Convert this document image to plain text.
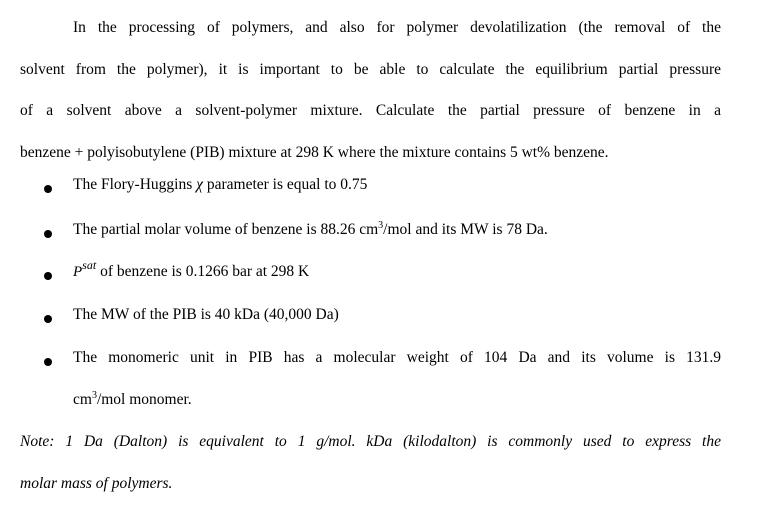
In the processing of polymers, and also for polymer devolatilization (the removal of the
solvent from the polymer), it is important to be able to calculate the equilibrium partial pressure
of a solvent above a solvent-polymer mixture. Calculate the partial pressure of benzene in a
benzene + polyisobutylene (PIB) mixture at 298 K where the mixture contains 5 wt% benzene.

The Flory-Huggins χ parameter is equal to 0.75
The partial molar volume of benzene is 88.26 $cm^3$/mol and its MW is 78 Da.
$P^{sat}$ of benzene is 0.1266 bar at 298 K
The MW of the PIB is 40 kDa (40,000 Da)
The monomeric unit in PIB has a molecular weight of 104 Da and its volume is 131.9
$cm^3$/mol monomer.

Note: 1 Da (Dalton) is equivalent to 1 g/mol. kDa (kilodalton) is commonly used to express the
molar mass of polymers.
